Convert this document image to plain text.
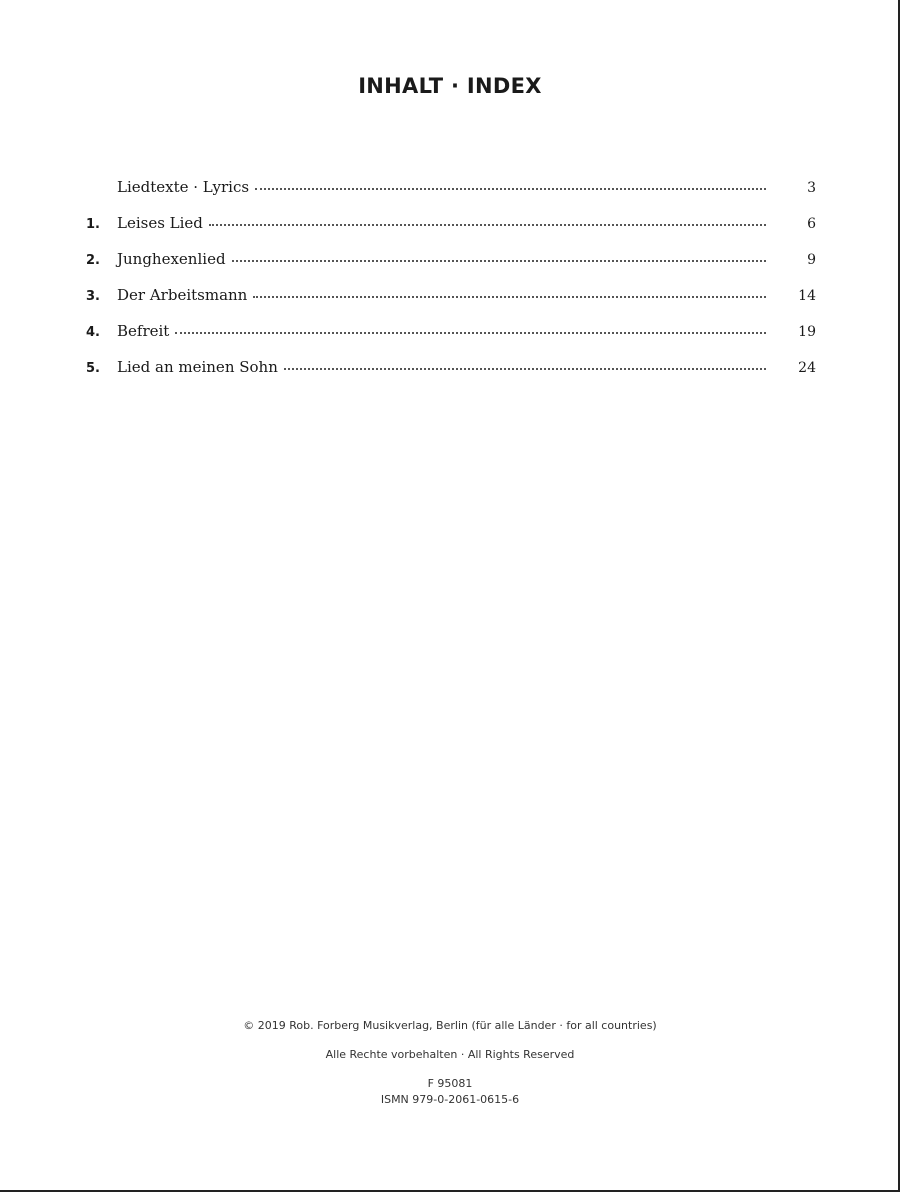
INHALT · INDEX
Liedtexte · Lyrics	3
1.	Leises Lied	6
2.	Junghexenlied	9
3.	Der Arbeitsmann	14
4.	Befreit	19
5.	Lied an meinen Sohn	24
© 2019 Rob. Forberg Musikverlag, Berlin (für alle Länder · for all countries)
Alle Rechte vorbehalten · All Rights Reserved
F 95081
ISMN 979-0-2061-0615-6
